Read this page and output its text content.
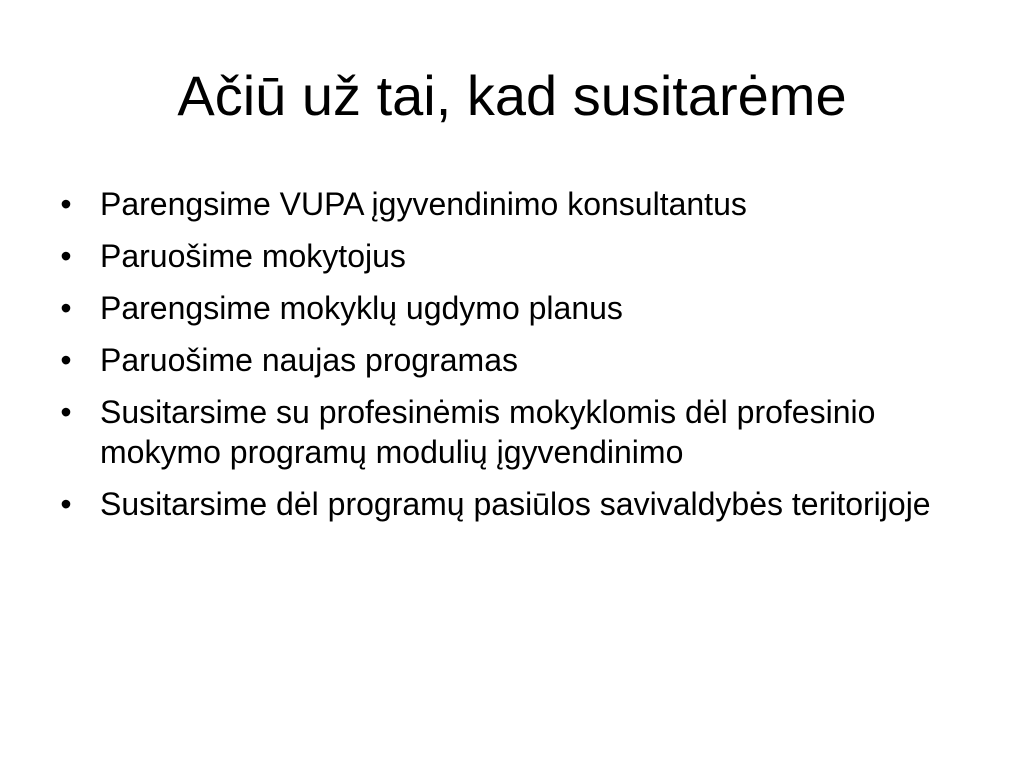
Ačiū už tai, kad susitarėme
• Parengsime VUPA įgyvendinimo konsultantus
• Paruošime mokytojus
• Parengsime mokyklų ugdymo planus
• Paruošime naujas programas
• Susitarsime su profesinėmis mokyklomis dėl profesinio mokymo programų modulių įgyvendinimo
• Susitarsime dėl programų pasiūlos savivaldybės teritorijoje
